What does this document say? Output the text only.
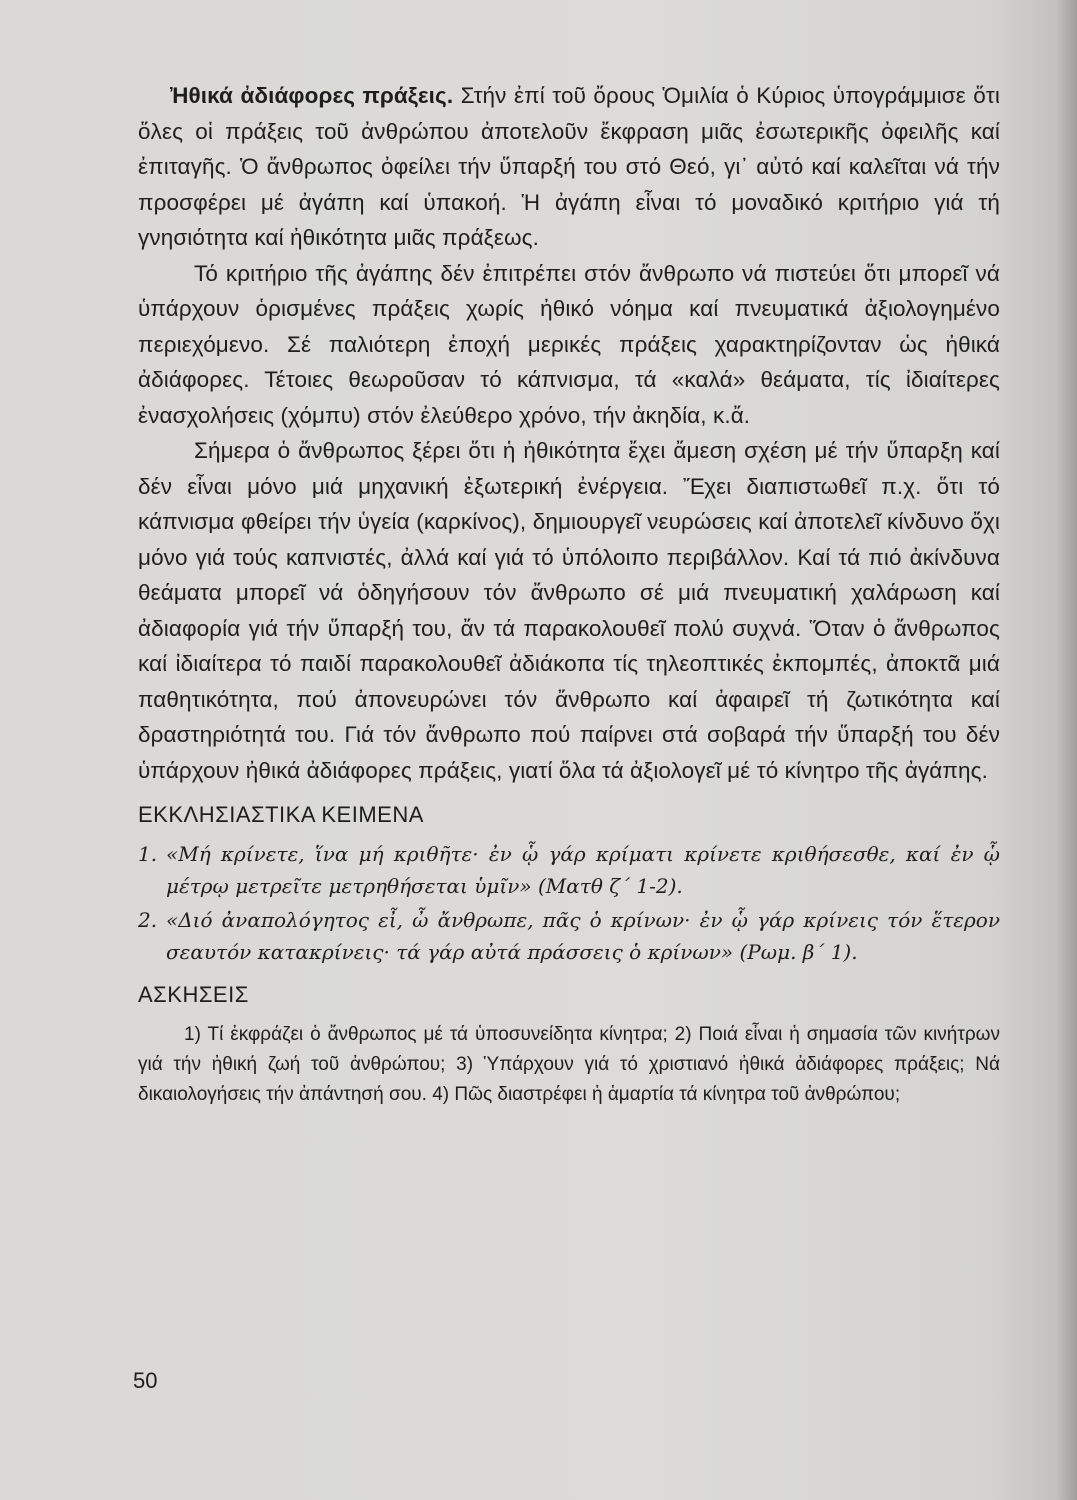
Ἠθικά ἀδιάφορες πράξεις. Στήν ἐπί τοῦ ὄρους Ὁμιλία ὁ Κύριος ὑπογράμμισε ὅτι ὅλες οἱ πράξεις τοῦ ἀνθρώπου ἀποτελοῦν ἔκφραση μιᾶς ἐσωτερικῆς ὀφειλῆς καί ἐπιταγῆς. Ὁ ἄνθρωπος ὀφείλει τήν ὕπαρξή του στό Θεό, γι᾽ αὐτό καί καλεῖται νά τήν προσφέρει μέ ἀγάπη καί ὑπακοή. Ἡ ἀγάπη εἶναι τό μοναδικό κριτήριο γιά τή γνησιότητα καί ἠθικότητα μιᾶς πράξεως.

Τό κριτήριο τῆς ἀγάπης δέν ἐπιτρέπει στόν ἄνθρωπο νά πιστεύει ὅτι μπορεῖ νά ὑπάρχουν ὁρισμένες πράξεις χωρίς ἠθικό νόημα καί πνευματικά ἀξιολογημένο περιεχόμενο. Σέ παλιότερη ἐποχή μερικές πράξεις χαρακτηρίζονταν ὡς ἠθικά ἀδιάφορες. Τέτοιες θεωροῦσαν τό κάπνισμα, τά «καλά» θεάματα, τίς ἰδιαίτερες ἐνασχολήσεις (χόμπυ) στόν ἐλεύθερο χρόνο, τήν ἀκηδία, κ.ἄ.

Σήμερα ὁ ἄνθρωπος ξέρει ὅτι ἡ ἠθικότητα ἔχει ἄμεση σχέση μέ τήν ὕπαρξη καί δέν εἶναι μόνο μιά μηχανική ἐξωτερική ἐνέργεια. Ἔχει διαπιστωθεῖ π.χ. ὅτι τό κάπνισμα φθείρει τήν ὑγεία (καρκίνος), δημιουργεῖ νευρώσεις καί ἀποτελεῖ κίνδυνο ὄχι μόνο γιά τούς καπνιστές, ἀλλά καί γιά τό ὑπόλοιπο περιβάλλον. Καί τά πιό ἀκίνδυνα θεάματα μπορεῖ νά ὁδηγήσουν τόν ἄνθρωπο σέ μιά πνευματική χαλάρωση καί ἀδιαφορία γιά τήν ὕπαρξή του, ἄν τά παρακολουθεῖ πολύ συχνά. Ὅταν ὁ ἄνθρωπος καί ἰδιαίτερα τό παιδί παρακολουθεῖ ἀδιάκοπα τίς τηλεοπτικές ἐκπομπές, ἀποκτᾶ μιά παθητικότητα, πού ἀπονευρώνει τόν ἄνθρωπο καί ἀφαιρεῖ τή ζωτικότητα καί δραστηριότητά του. Γιά τόν ἄνθρωπο πού παίρνει στά σοβαρά τήν ὕπαρξή του δέν ὑπάρχουν ἠθικά ἀδιάφορες πράξεις, γιατί ὅλα τά ἀξιολογεῖ μέ τό κίνητρο τῆς ἀγάπης.

ΕΚΚΛΗΣΙΑΣΤΙΚΑ ΚΕΙΜΕΝΑ
1. «Μή κρίνετε, ἵνα μή κριθῆτε· ἐν ᾧ γάρ κρίματι κρίνετε κριθήσεσθε, καί ἐν ᾧ μέτρῳ μετρεῖτε μετρηθήσεται ὑμῖν» (Ματθ ζ΄ 1-2).
2. «Διό ἀναπολόγητος εἶ, ὦ ἄνθρωπε, πᾶς ὁ κρίνων· ἐν ᾧ γάρ κρίνεις τόν ἕτερον σεαυτόν κατακρίνεις· τά γάρ αὐτά πράσσεις ὁ κρίνων» (Ρωμ. β΄ 1).
ΑΣΚΗΣΕΙΣ

1) Τί ἐκφράζει ὁ ἄνθρωπος μέ τά ὑποσυνείδητα κίνητρα; 2) Ποιά εἶναι ἡ σημασία τῶν κινήτρων γιά τήν ἠθική ζωή τοῦ ἀνθρώπου; 3) Ὑπάρχουν γιά τό χριστιανό ἠθικά ἀδιάφορες πράξεις; Νά δικαιολογήσεις τήν ἀπάντησή σου. 4) Πῶς διαστρέφει ἡ ἁμαρτία τά κίνητρα τοῦ ἀνθρώπου;

50
